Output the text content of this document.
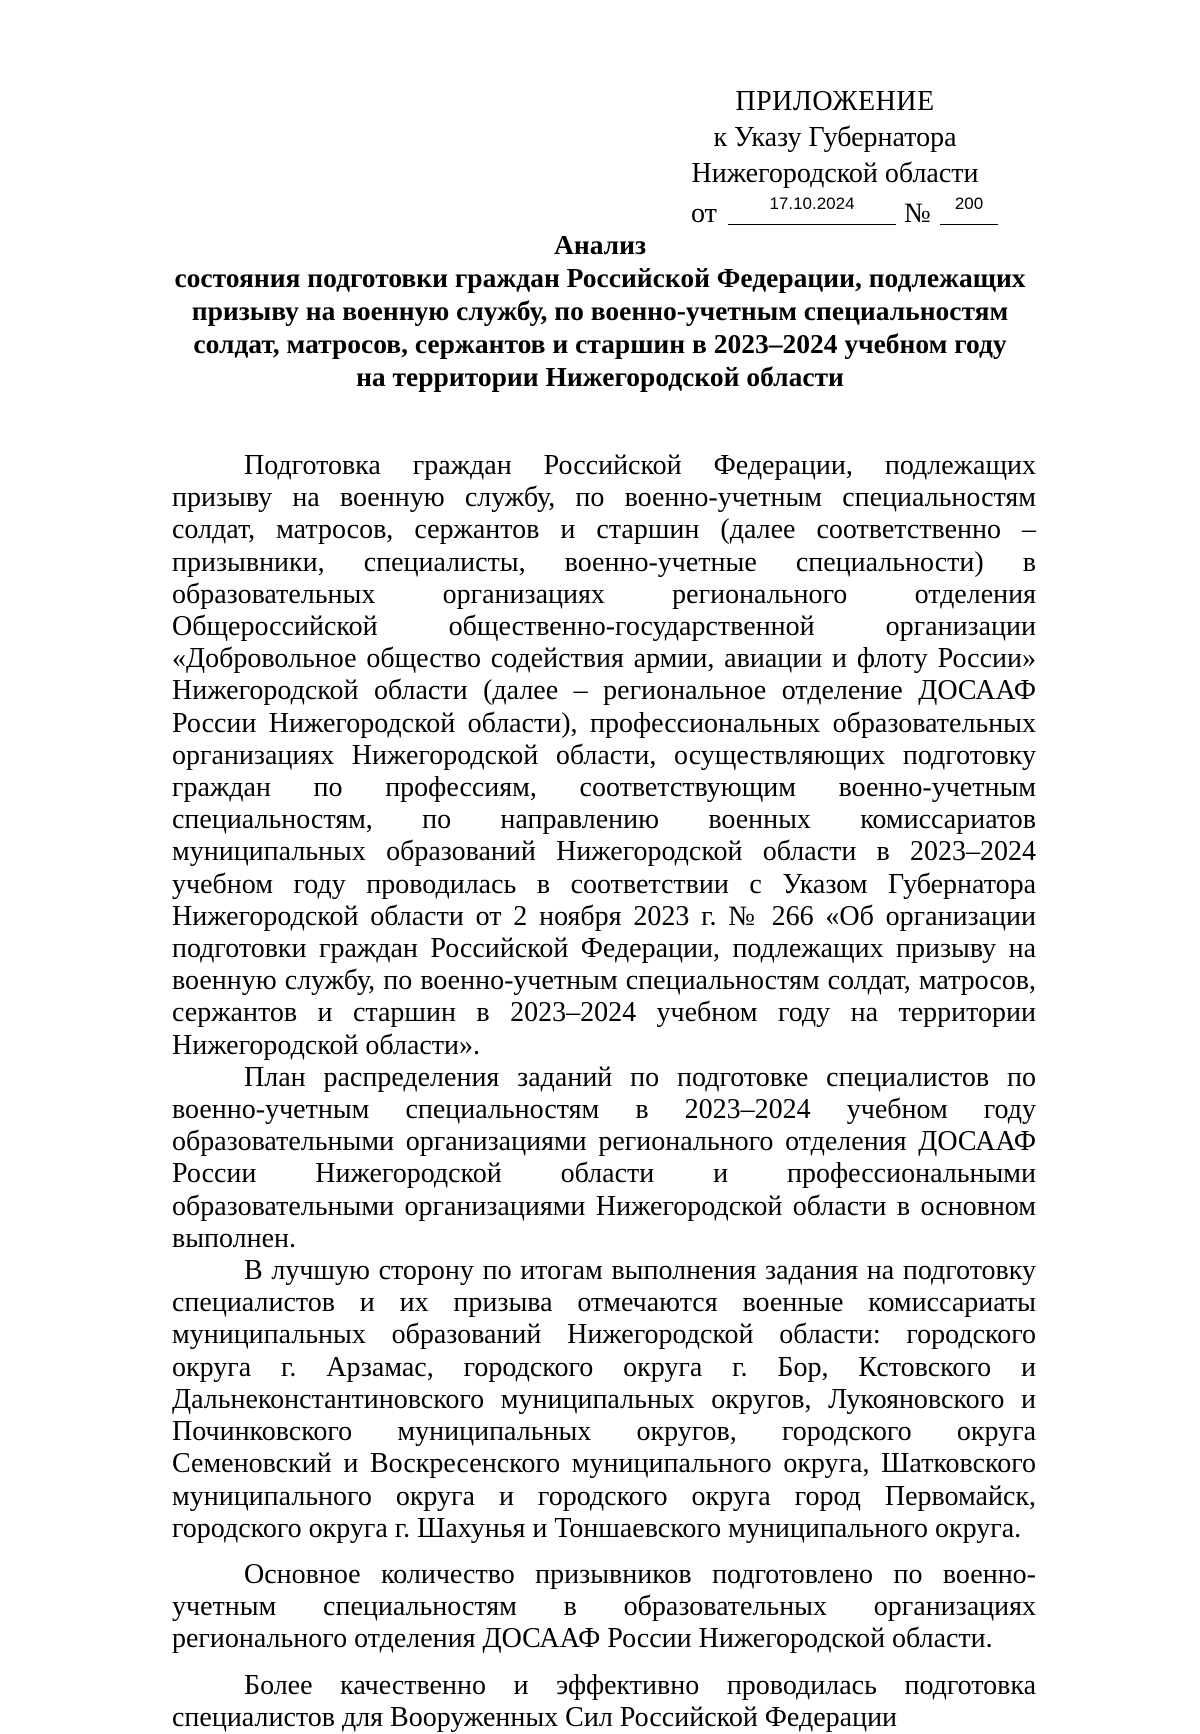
ПРИЛОЖЕНИЕ
к Указу Губернатора
Нижегородской области
от	17.10.2024	№	200
Анализ
состояния подготовки граждан Российской Федерации, подлежащих
призыву на военную службу, по военно-учетным специальностям
солдат, матросов, сержантов и старшин в 2023–2024 учебном году
на территории Нижегородской области

Подготовка граждан Российской Федерации, подлежащих призыву на военную службу, по военно-учетным специальностям солдат, матросов, сержантов и старшин (далее соответственно – призывники, специалисты, военно-учетные специальности) в образовательных организациях регионального отделения Общероссийской общественно-государственной организации «Добровольное общество содействия армии, авиации и флоту России» Нижегородской области (далее – региональное отделение ДОСААФ России Нижегородской области), профессиональных образовательных организациях Нижегородской области, осуществляющих подготовку граждан по профессиям, соответствующим военно-учетным специальностям, по направлению военных комиссариатов муниципальных образований Нижегородской области в 2023–2024 учебном году проводилась в соответствии с Указом Губернатора Нижегородской области от 2 ноября 2023 г. № 266 «Об организации подготовки граждан Российской Федерации, подлежащих призыву на военную службу, по военно-учетным специальностям солдат, матросов, сержантов и старшин в 2023–2024 учебном году на территории Нижегородской области».

План распределения заданий по подготовке специалистов по военно-учетным специальностям в 2023–2024 учебном году образовательными организациями регионального отделения ДОСААФ России Нижегородской области и профессиональными образовательными организациями Нижегородской области в основном выполнен.

В лучшую сторону по итогам выполнения задания на подготовку специалистов и их призыва отмечаются военные комиссариаты муниципальных образований Нижегородской области: городского округа г. Арзамас, городского округа г. Бор, Кстовского и Дальнеконстантиновского муниципальных округов, Лукояновского и Починковского муниципальных округов, городского округа Семеновский и Воскресенского муниципального округа, Шатковского муниципального округа и городского округа город Первомайск, городского округа г. Шахунья и Тоншаевского муниципального округа.

Основное количество призывников подготовлено по военно-учетным специальностям в образовательных организациях регионального отделения ДОСААФ России Нижегородской области.

Более качественно и эффективно проводилась подготовка специалистов для Вооруженных Сил Российской Федерации
